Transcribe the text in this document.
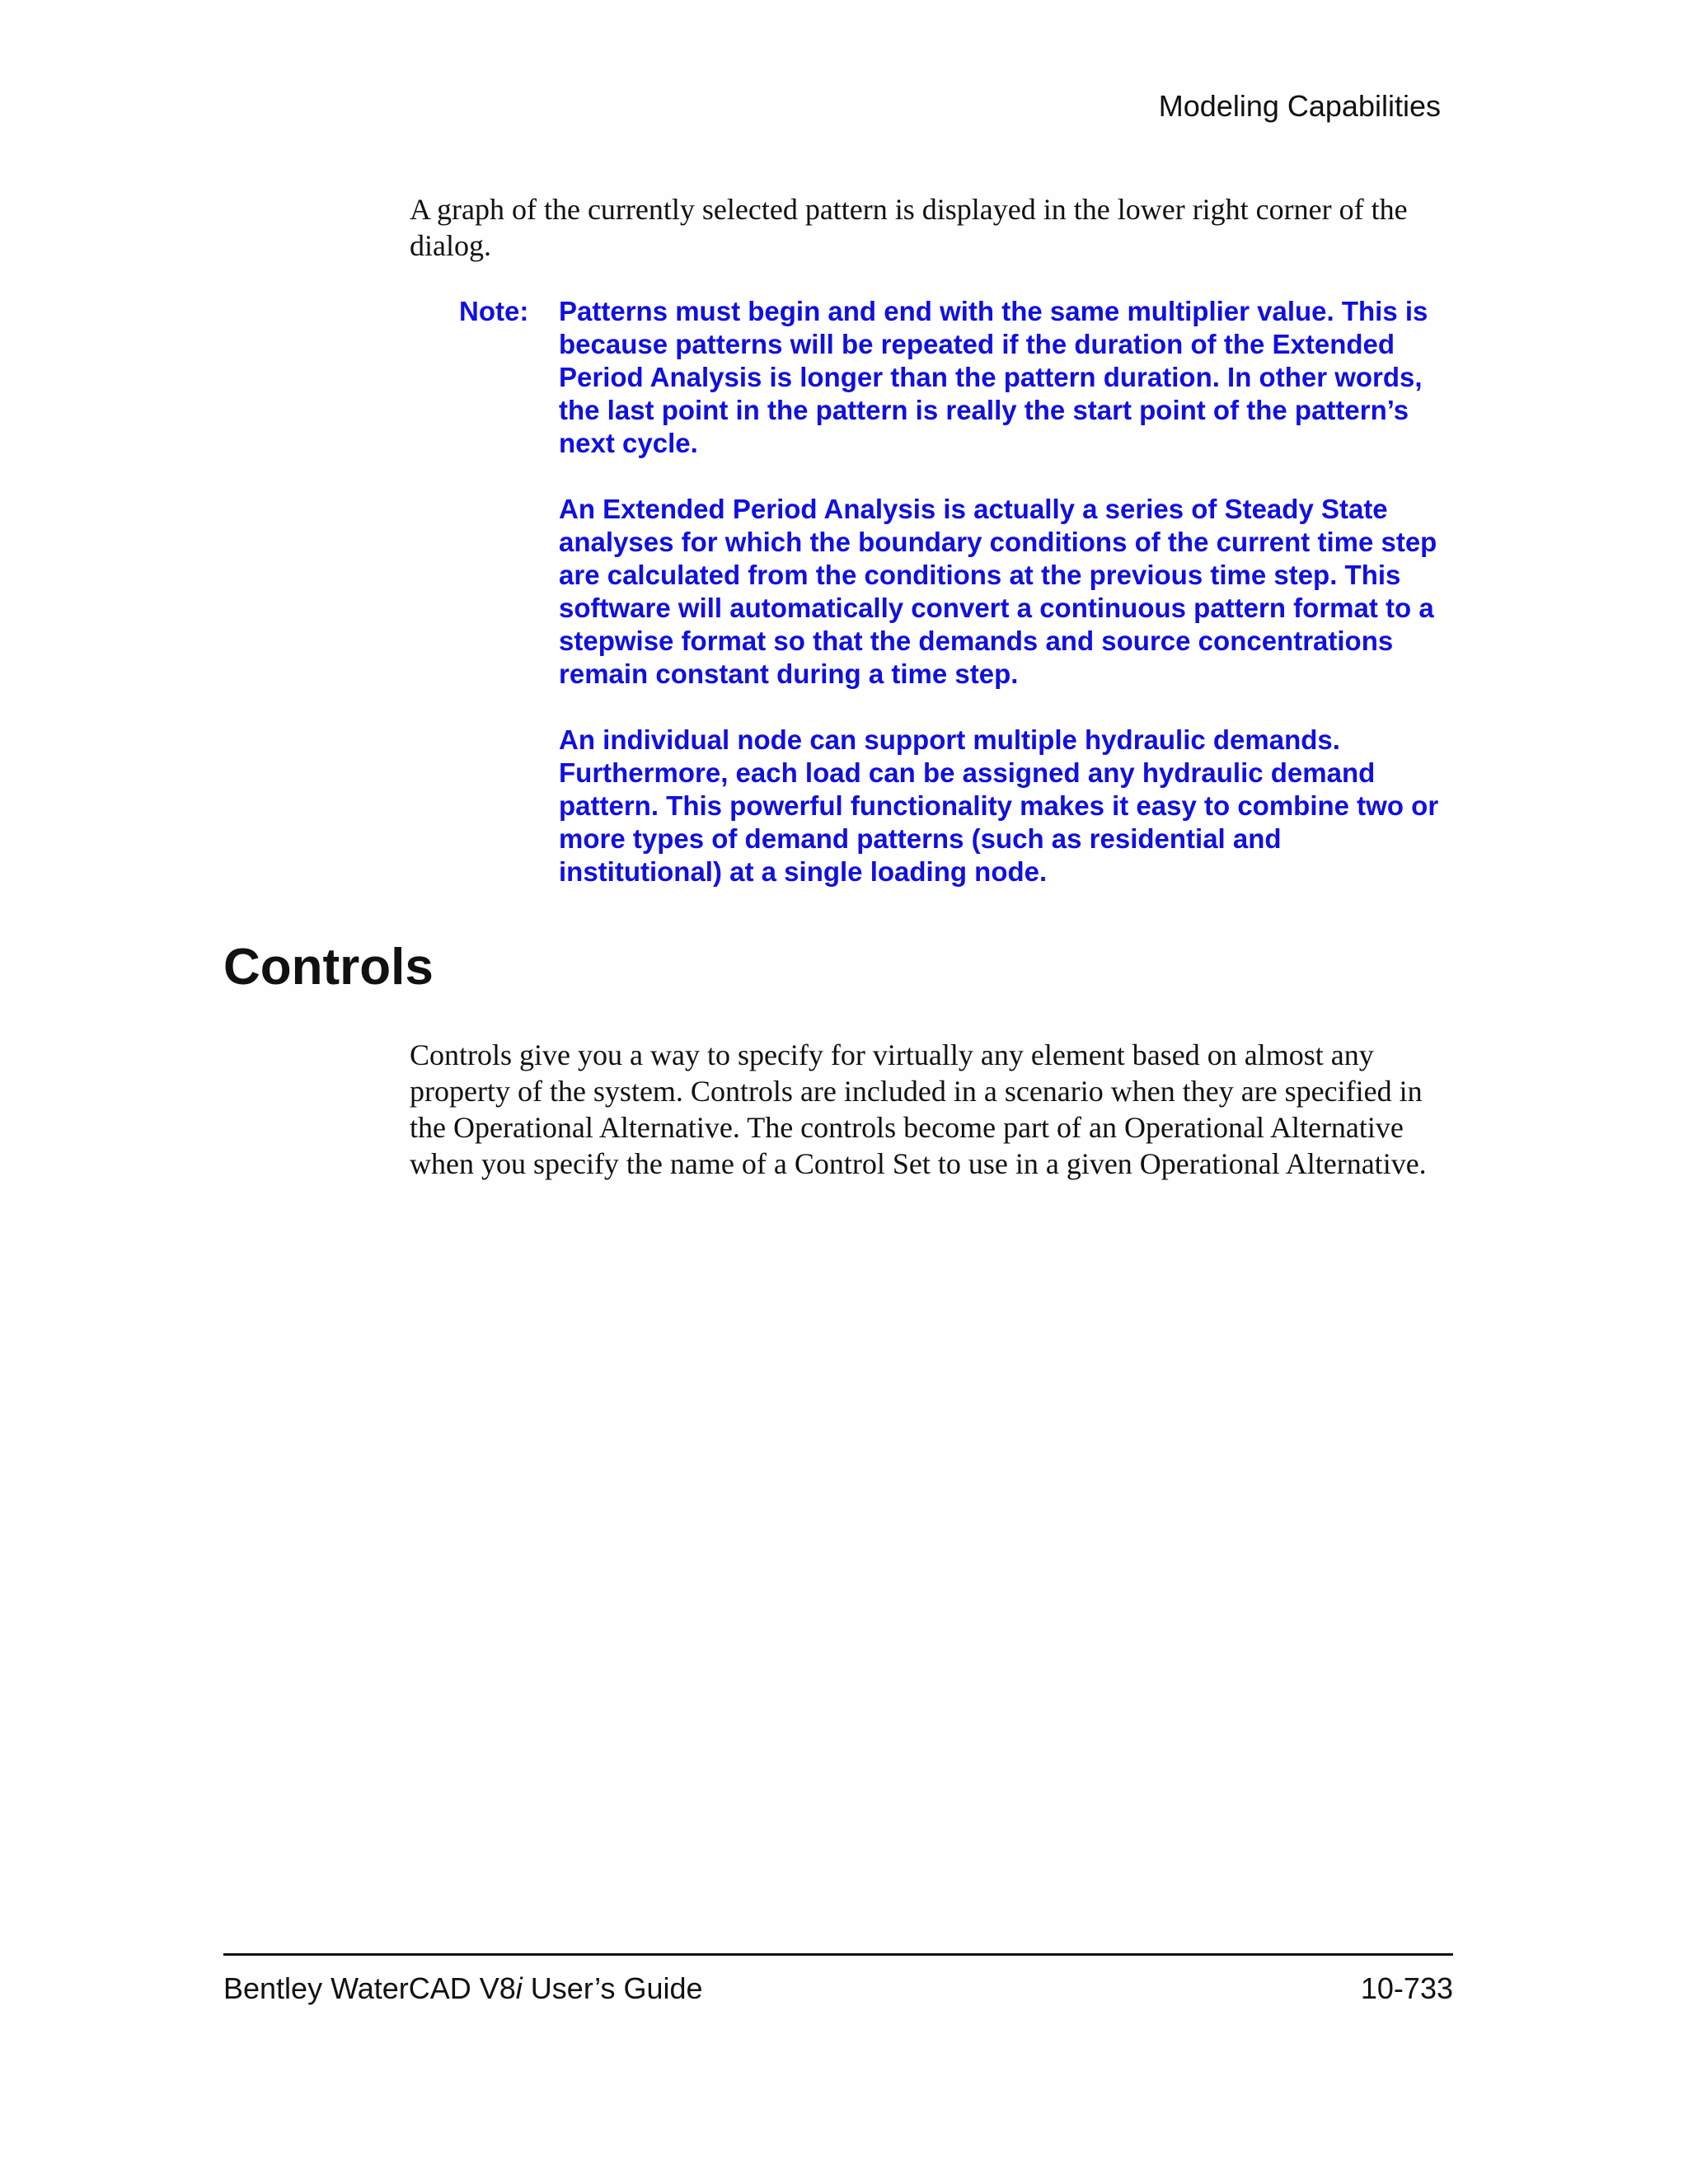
Modeling Capabilities

A graph of the currently selected pattern is displayed in the lower right corner of the dialog.

Note: Patterns must begin and end with the same multiplier value. This is because patterns will be repeated if the duration of the Extended Period Analysis is longer than the pattern duration. In other words, the last point in the pattern is really the start point of the pattern’s next cycle.

An Extended Period Analysis is actually a series of Steady State analyses for which the boundary conditions of the current time step are calculated from the conditions at the previous time step. This software will automatically convert a continuous pattern format to a stepwise format so that the demands and source concentrations remain constant during a time step.

An individual node can support multiple hydraulic demands. Furthermore, each load can be assigned any hydraulic demand pattern. This powerful functionality makes it easy to combine two or more types of demand patterns (such as residential and institutional) at a single loading node.

Controls

Controls give you a way to specify for virtually any element based on almost any property of the system. Controls are included in a scenario when they are specified in the Operational Alternative. The controls become part of an Operational Alternative when you specify the name of a Control Set to use in a given Operational Alternative.

Bentley WaterCAD V8i User’s Guide	10-733
